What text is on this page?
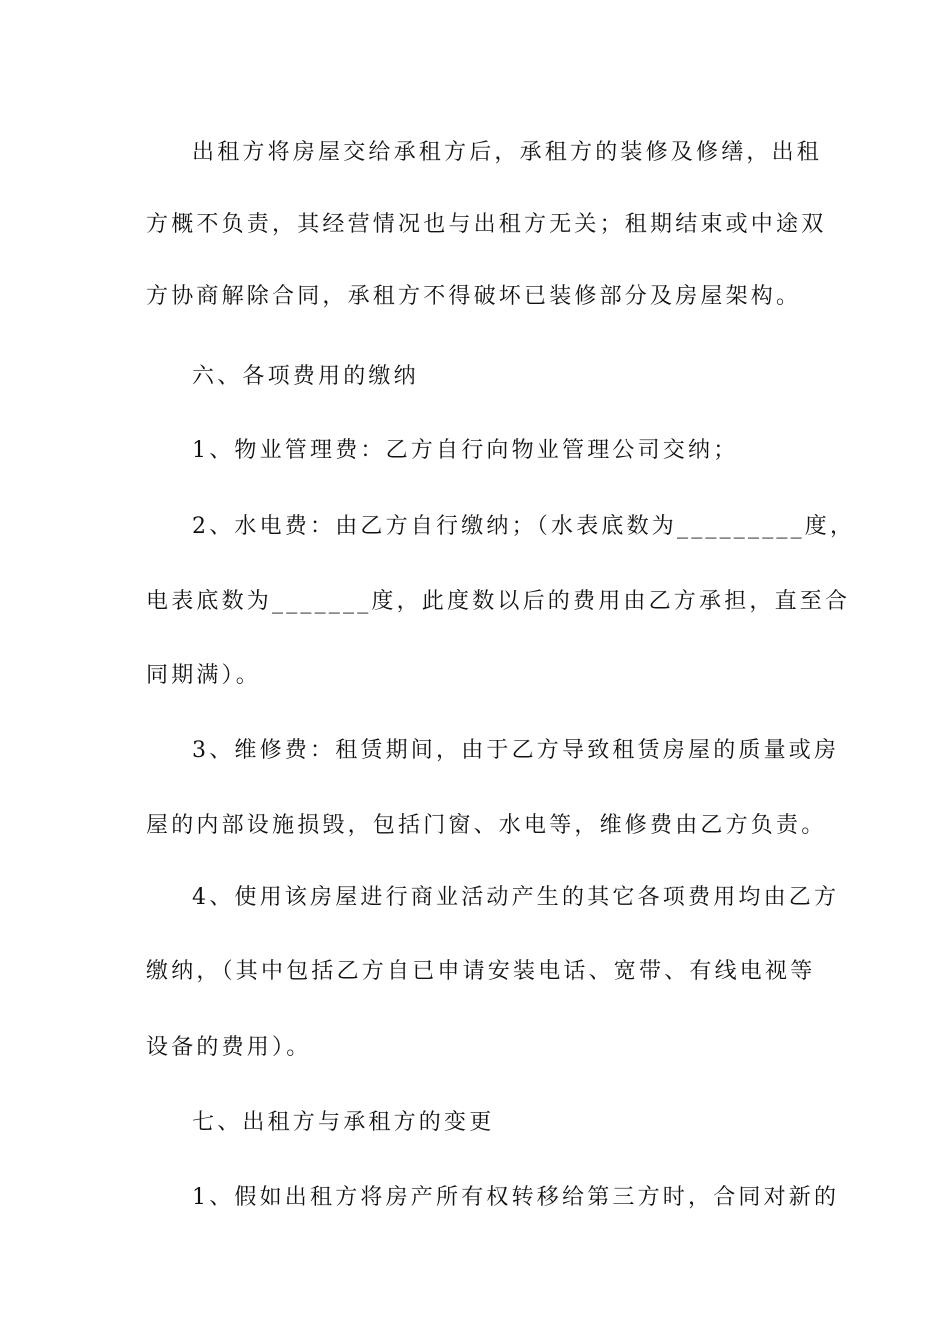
出租方将房屋交给承租方后，承租方的装修及修缮，出租
方概不负责，其经营情况也与出租方无关；租期结束或中途双
方协商解除合同，承租方不得破坏已装修部分及房屋架构。
六、各项费用的缴纳
1、物业管理费：乙方自行向物业管理公司交纳；
2、水电费：由乙方自行缴纳；（水表底数为_________度，
电表底数为_______度，此度数以后的费用由乙方承担，直至合
同期满）。
3、维修费：租赁期间，由于乙方导致租赁房屋的质量或房
屋的内部设施损毁，包括门窗、水电等，维修费由乙方负责。
4、使用该房屋进行商业活动产生的其它各项费用均由乙方
缴纳，（其中包括乙方自已申请安装电话、宽带、有线电视等
设备的费用）。
七、出租方与承租方的变更
1、假如出租方将房产所有权转移给第三方时，合同对新的
